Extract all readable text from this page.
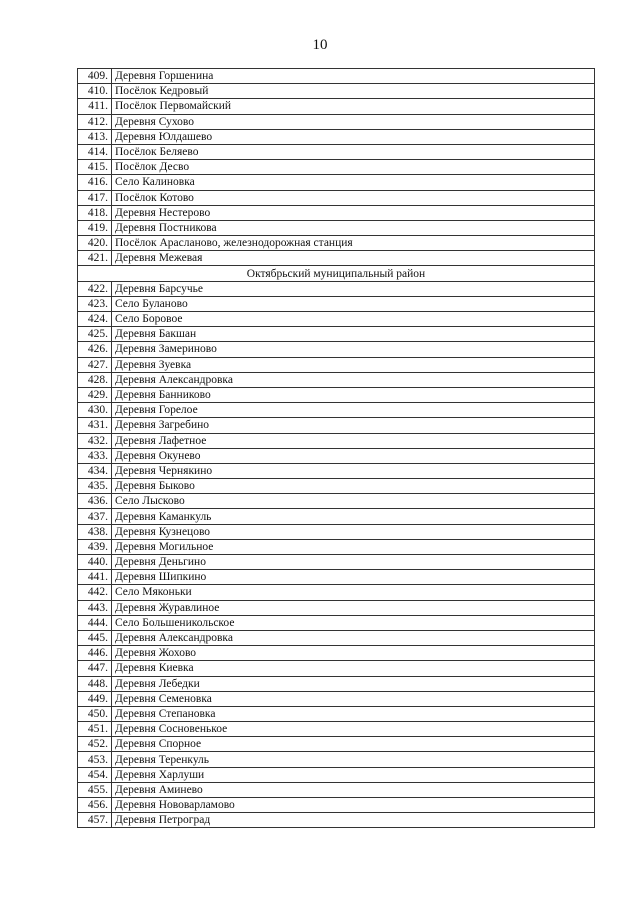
10
409.	Деревня Горшенина
410.	Посёлок Кедровый
411.	Посёлок Первомайский
412.	Деревня Сухово
413.	Деревня Юлдашево
414.	Посёлок Беляево
415.	Посёлок Десво
416.	Село Калиновка
417.	Посёлок Котово
418.	Деревня Нестерово
419.	Деревня Постникова
420.	Посёлок Арасланово, железнодорожная станция
421.	Деревня Межевая
Октябрьский муниципальный район	
422.	Деревня Барсучье
423.	Село Буланово
424.	Село Боровое
425.	Деревня Бакшан
426.	Деревня Замериново
427.	Деревня Зуевка
428.	Деревня Александровка
429.	Деревня Банниково
430.	Деревня Горелое
431.	Деревня Загребино
432.	Деревня Лафетное
433.	Деревня Окунево
434.	Деревня Чернякино
435.	Деревня Быково
436.	Село Лысково
437.	Деревня Каманкуль
438.	Деревня Кузнецово
439.	Деревня Могильное
440.	Деревня Деньгино
441.	Деревня Шипкино
442.	Село Мяконьки
443.	Деревня Журавлиное
444.	Село Большеникольское
445.	Деревня Александровка
446.	Деревня Жохово
447.	Деревня Киевка
448.	Деревня Лебедки
449.	Деревня Семеновка
450.	Деревня Степановка
451.	Деревня Сосновенькое
452.	Деревня Спорное
453.	Деревня Теренкуль
454.	Деревня Харлуши
455.	Деревня Аминево
456.	Деревня Нововарламово
457.	Деревня Петроград
